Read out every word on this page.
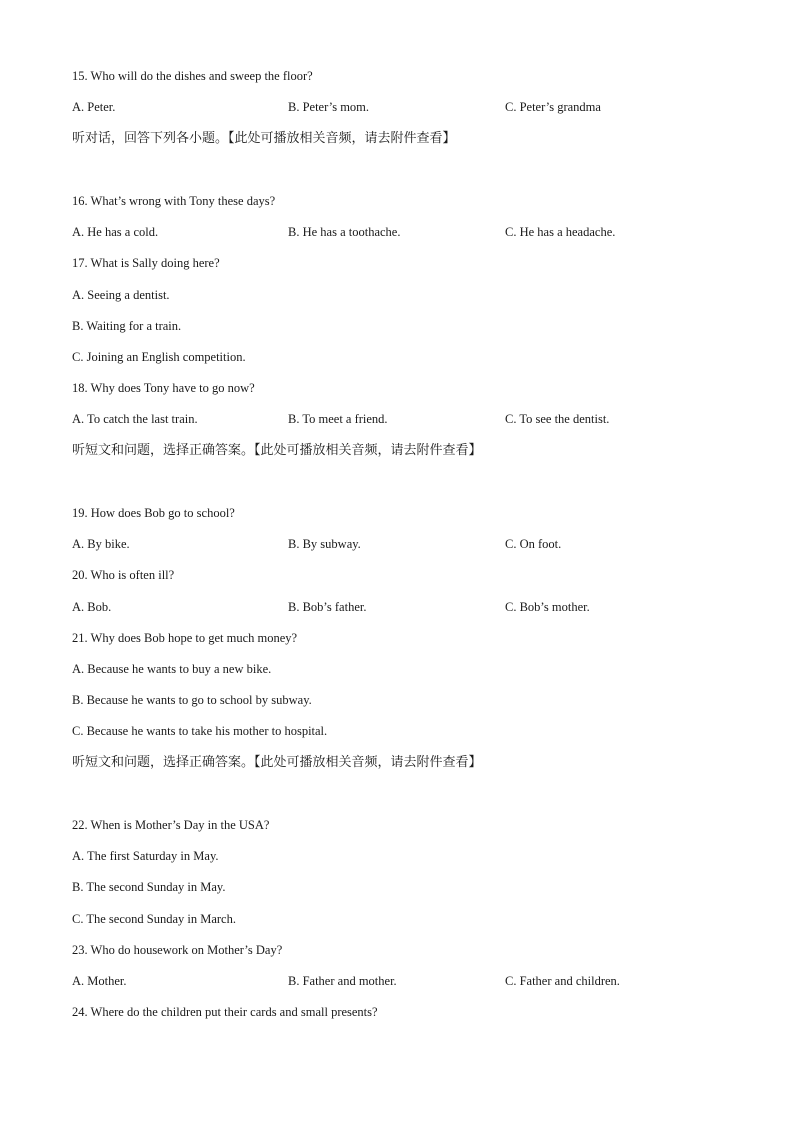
15. Who will do the dishes and sweep the floor?
A. Peter.	B. Peter’s mom.	C. Peter’s grandma
听对话，回答下列各小题。【此处可播放相关音频，请去附件查看】
16. What’s wrong with Tony these days?
A. He has a cold.	B. He has a toothache.	C. He has a headache.
17. What is Sally doing here?
A. Seeing a dentist.
B. Waiting for a train.
C. Joining an English competition.
18. Why does Tony have to go now?
A. To catch the last train.	B. To meet a friend.	C. To see the dentist.
听短文和问题，选择正确答案。【此处可播放相关音频，请去附件查看】
19. How does Bob go to school?
A. By bike.	B. By subway.	C. On foot.
20. Who is often ill?
A. Bob.	B. Bob’s father.	C. Bob’s mother.
21. Why does Bob hope to get much money?
A. Because he wants to buy a new bike.
B. Because he wants to go to school by subway.
C. Because he wants to take his mother to hospital.
听短文和问题，选择正确答案。【此处可播放相关音频，请去附件查看】
22. When is Mother’s Day in the USA?
A. The first Saturday in May.
B. The second Sunday in May.
C. The second Sunday in March.
23. Who do housework on Mother’s Day?
A. Mother.	B. Father and mother.	C. Father and children.
24. Where do the children put their cards and small presents?
